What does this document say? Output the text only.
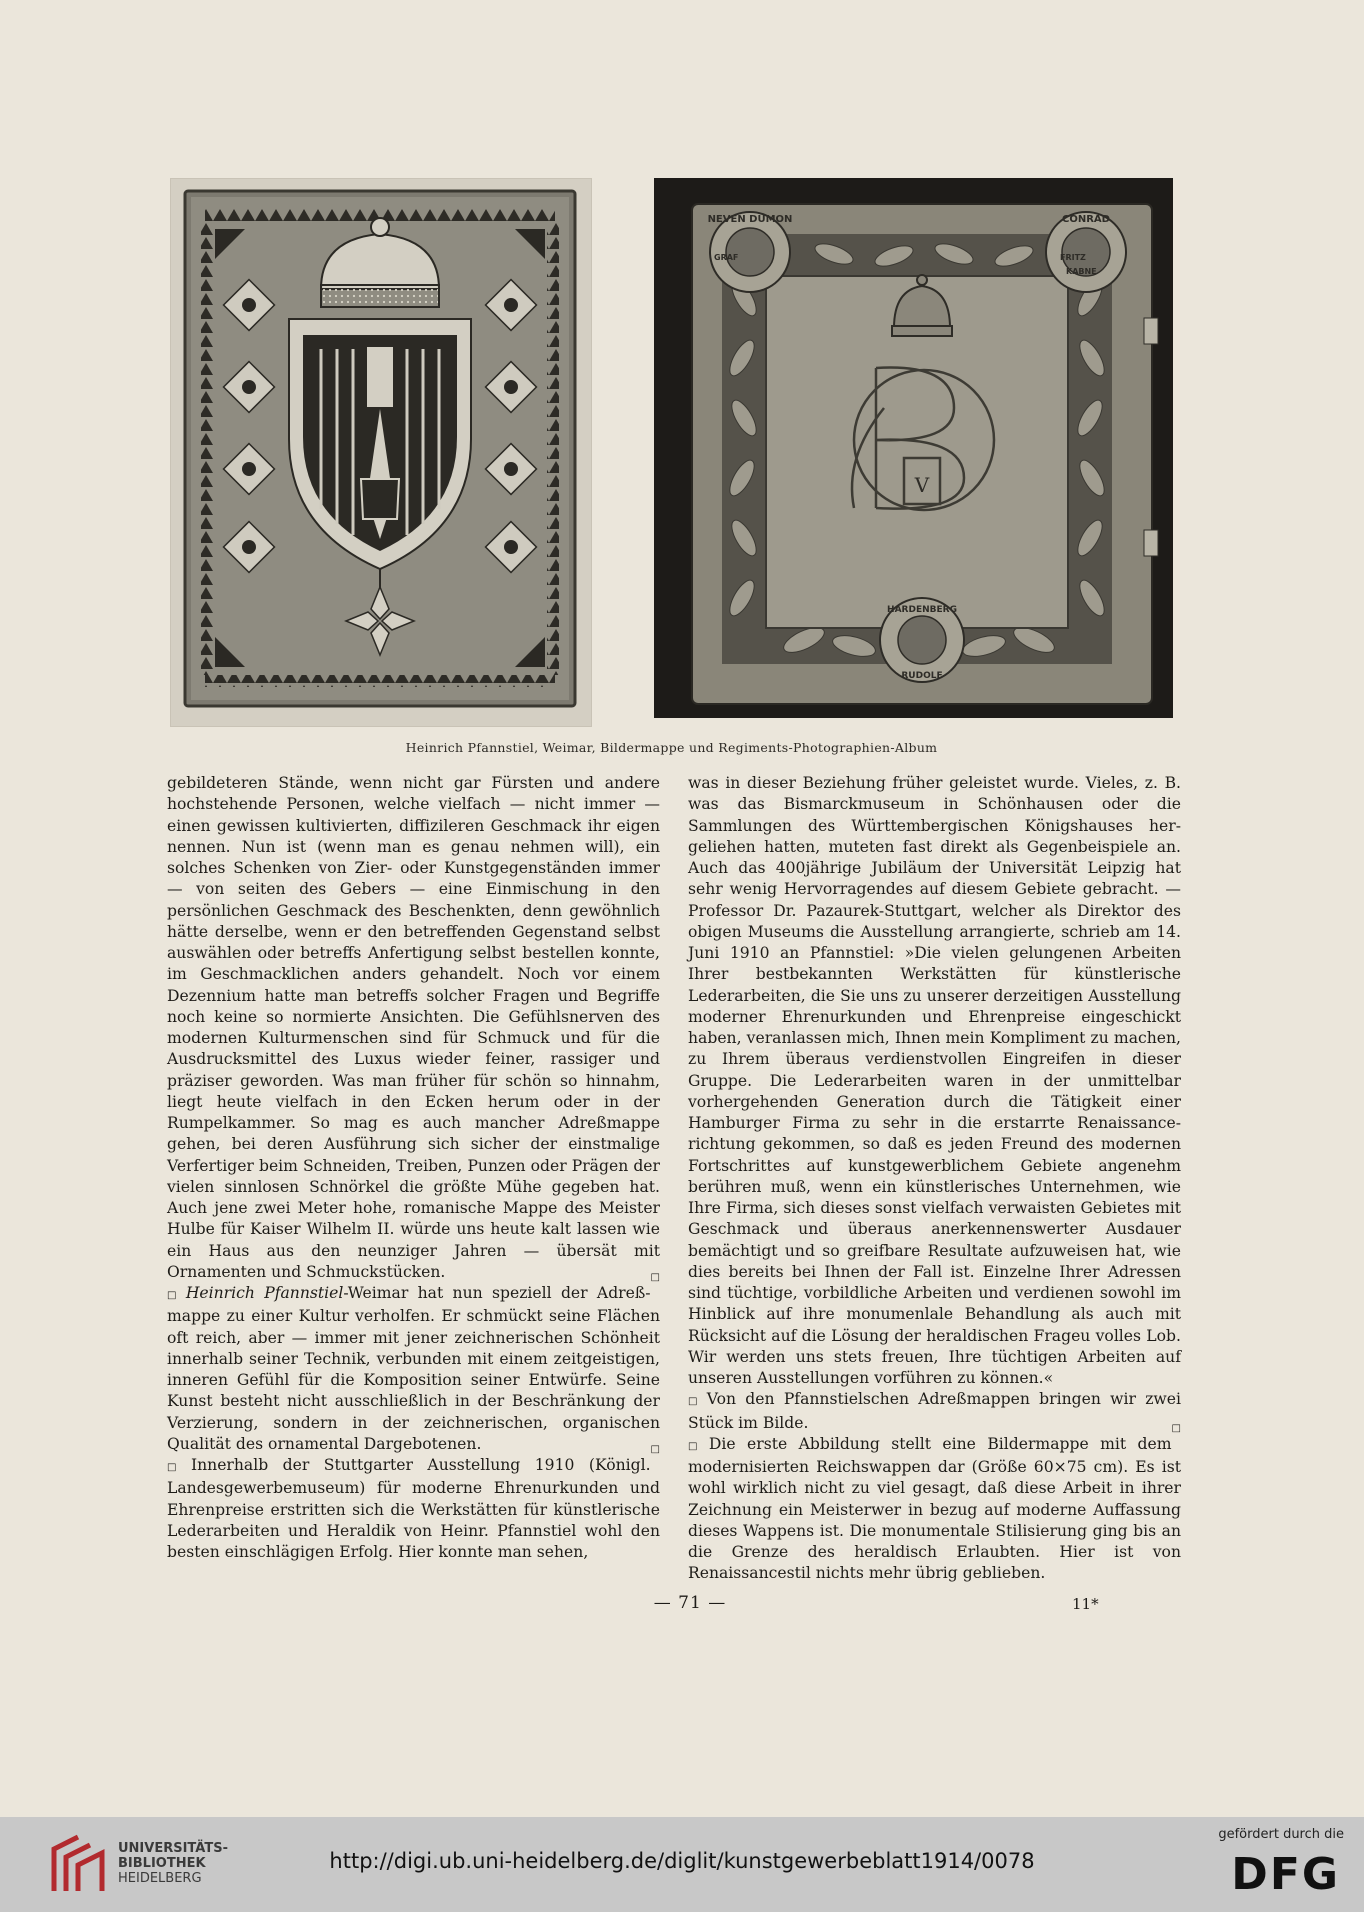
V
NEVEN DUMON	CONRAD
HARDENBERG
RUDOLF
GRAF	FRITZ
KABNE
Heinrich Pfannstiel, Weimar, Bildermappe und Regiments-Photographien-Album

gebildeteren Stände, wenn nicht gar Fürsten und andere hochstehende Personen, welche vielfach — nicht immer — einen gewissen kultivierten, diffizileren Geschmack ihr eigen nennen. Nun ist (wenn man es genau nehmen will), ein solches Schenken von Zier- oder Kunstgegenständen immer — von seiten des Gebers — eine Einmischung in den persönlichen Geschmack des Beschenkten, denn gewöhnlich hätte derselbe, wenn er den betreffenden Gegenstand selbst auswählen oder betreffs Anfertigung selbst bestellen konnte, im Geschmacklichen anders gehandelt. Noch vor einem Dezennium hatte man betreffs solcher Fragen und Begriffe noch keine so normierte Ansichten. Die Gefühlsnerven des modernen Kulturmenschen sind für Schmuck und für die Ausdrucksmittel des Luxus wieder feiner, rassiger und präziser geworden. Was man früher für schön so hinnahm, liegt heute vielfach in den Ecken herum oder in der Rumpelkammer. So mag es auch mancher Adreßmappe gehen, bei deren Ausführung sich sicher der einstmalige Verfertiger beim Schneiden, Treiben, Punzen oder Prägen der vielen sinnlosen Schnörkel die größte Mühe gegeben hat. Auch jene zwei Meter hohe, romanische Mappe des Meister Hulbe für Kaiser Wilhelm II. würde uns heute kalt lassen wie ein Haus aus den neunziger Jahren — übersät mit Ornamenten und Schmuckstücken.	□

□ Heinrich Pfannstiel-Weimar hat nun speziell der Adreßmappe zu einer Kultur verholfen. Er schmückt seine Flächen oft reich, aber — immer mit jener zeichnerischen Schönheit innerhalb seiner Technik, verbunden mit einem zeitgeistigen, inneren Gefühl für die Komposition seiner Entwürfe. Seine Kunst besteht nicht ausschließlich in der Beschränkung der Verzierung, sondern in der zeichnerischen, organischen Qualität des ornamental Dargebotenen.	□

□ Innerhalb der Stuttgarter Ausstellung 1910 (Königl. Landesgewerbemuseum) für moderne Ehrenurkunden und Ehrenpreise erstritten sich die Werkstätten für künstlerische Lederarbeiten und Heraldik von Heinr. Pfannstiel wohl den besten einschlägigen Erfolg. Hier konnte man sehen,

was in dieser Beziehung früher geleistet wurde. Vieles, z. B. was das Bismarckmuseum in Schönhausen oder die Sammlungen des Württembergischen Königshauses hergeliehen hatten, muteten fast direkt als Gegenbeispiele an. Auch das 400jährige Jubiläum der Universität Leipzig hat sehr wenig Hervorragendes auf diesem Gebiete gebracht. — Professor Dr. Pazaurek-Stuttgart, welcher als Direktor des obigen Museums die Ausstellung arrangierte, schrieb am 14. Juni 1910 an Pfannstiel: »Die vielen gelungenen Arbeiten Ihrer bestbekannten Werkstätten für künstlerische Lederarbeiten, die Sie uns zu unserer derzeitigen Ausstellung moderner Ehrenurkunden und Ehrenpreise eingeschickt haben, veranlassen mich, Ihnen mein Kompliment zu machen, zu Ihrem überaus verdienstvollen Eingreifen in dieser Gruppe. Die Lederarbeiten waren in der unmittelbar vorhergehenden Generation durch die Tätigkeit einer Hamburger Firma zu sehr in die erstarrte Renaissancerichtung gekommen, so daß es jeden Freund des modernen Fortschrittes auf kunstgewerblichem Gebiete angenehm berühren muß, wenn ein künstlerisches Unternehmen, wie Ihre Firma, sich dieses sonst vielfach verwaisten Gebietes mit Geschmack und überaus anerkennenswerter Ausdauer bemächtigt und so greifbare Resultate aufzuweisen hat, wie dies bereits bei Ihnen der Fall ist. Einzelne Ihrer Adressen sind tüchtige, vorbildliche Arbeiten und verdienen sowohl im Hinblick auf ihre monumenlale Behandlung als auch mit Rücksicht auf die Lösung der heraldischen Frageu volles Lob. Wir werden uns stets freuen, Ihre tüchtigen Arbeiten auf unseren Ausstellungen vorführen zu können.«

□ Von den Pfannstielschen Adreßmappen bringen wir zwei Stück im Bilde.	□

□ Die erste Abbildung stellt eine Bildermappe mit dem modernisierten Reichswappen dar (Größe 60×75 cm). Es ist wohl wirklich nicht zu viel gesagt, daß diese Arbeit in ihrer Zeichnung ein Meisterwer in bezug auf moderne Auffassung dieses Wappens ist. Die monumentale Stilisierung ging bis an die Grenze des heraldisch Erlaubten. Hier ist von Renaissancestil nichts mehr übrig geblieben.

— 71 —	11*
UNIVERSITÄTS-
BIBLIOTHEK
HEIDELBERG
http://digi.ub.uni-heidelberg.de/diglit/kunstgewerbeblatt1914/0078
gefördert durch die
DFG
